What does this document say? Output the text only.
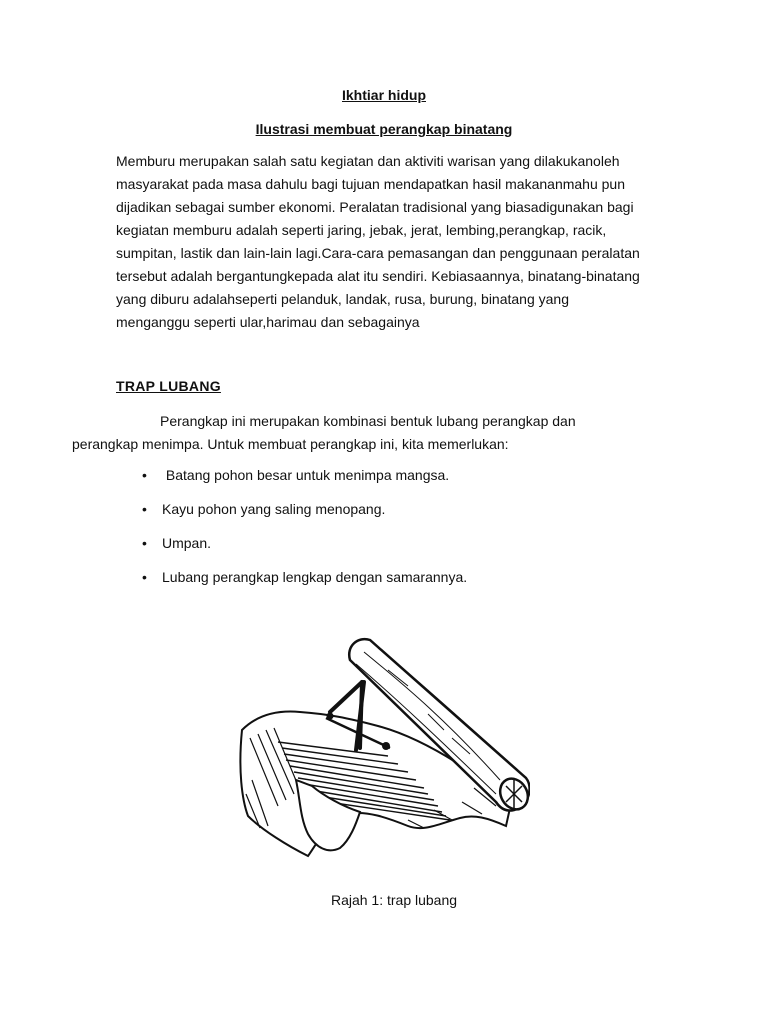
Ikhtiar hidup
Ilustrasi membuat perangkap binatang
Memburu merupakan salah satu kegiatan dan aktiviti warisan yang dilakukanoleh
masyarakat pada masa dahulu bagi tujuan mendapatkan hasil makananmahu pun
dijadikan sebagai sumber ekonomi. Peralatan tradisional yang biasadigunakan bagi
kegiatan memburu adalah seperti jaring, jebak, jerat, lembing,perangkap, racik,
sumpitan, lastik dan lain-lain lagi.Cara-cara pemasangan dan penggunaan peralatan
tersebut adalah bergantungkepada alat itu sendiri. Kebiasaannya, binatang-binatang
yang diburu adalahseperti pelanduk, landak, rusa, burung, binatang yang
menganggu seperti ular,harimau dan sebagainya
TRAP LUBANG
Perangkap ini merupakan kombinasi bentuk lubang perangkap dan
perangkap menimpa. Untuk membuat perangkap ini, kita memerlukan:
• Batang pohon besar untuk menimpa mangsa.
• Kayu pohon yang saling menopang.
• Umpan.
• Lubang perangkap lengkap dengan samarannya.
Rajah 1: trap lubang
